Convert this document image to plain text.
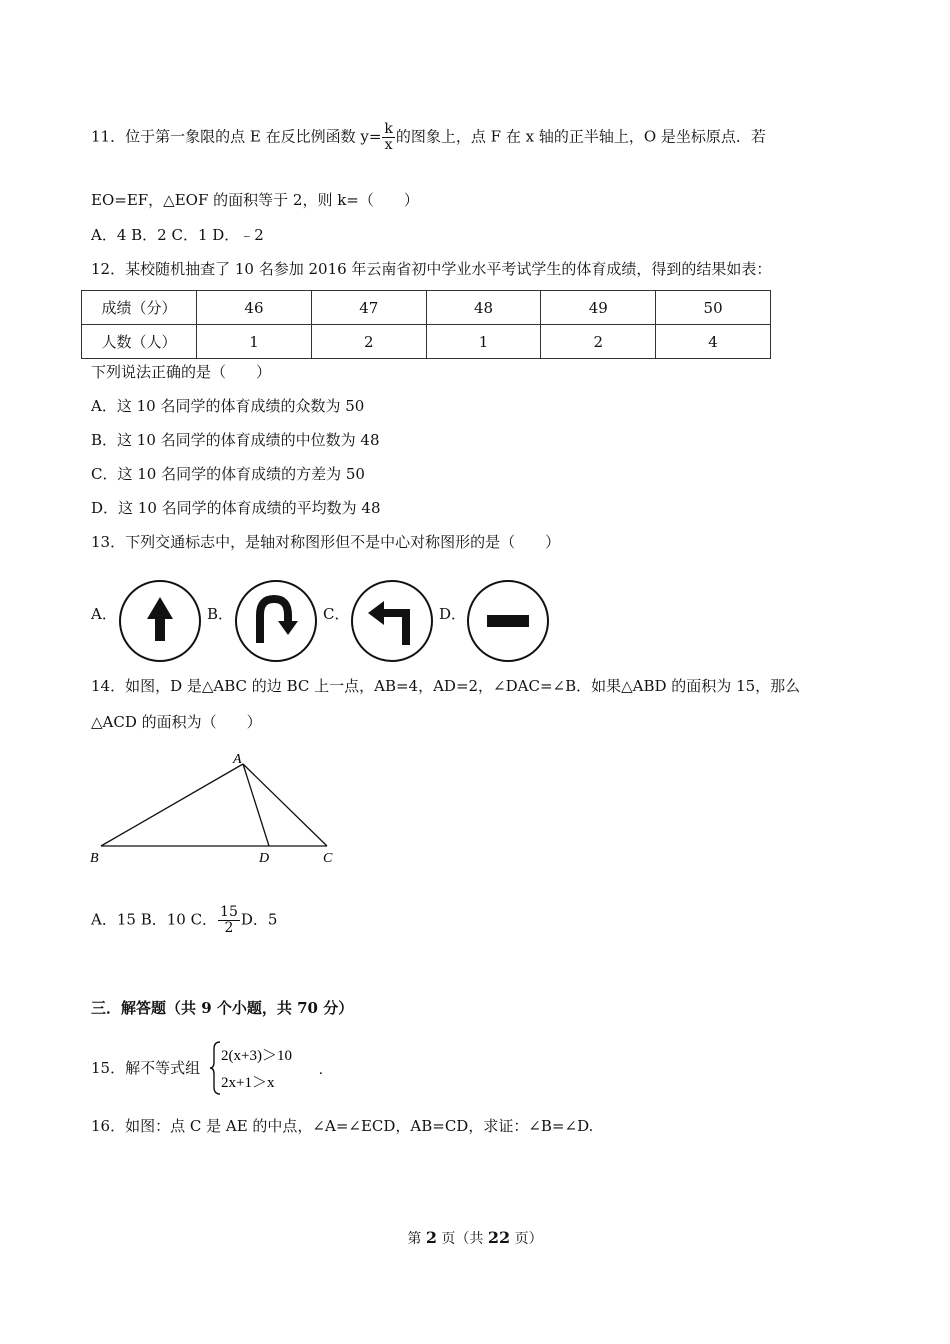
11．位于第一象限的点 E 在反比例函数 $y= \frac{k}{x}$ 的图象上，点 F 在 x 轴的正半轴上，O 是坐标原点．若
EO=EF，△EOF 的面积等于 2，则 k=（　　）
A．4 B．2 C．1 D．﹣2
12．某校随机抽查了 10 名参加 2016 年云南省初中学业水平考试学生的体育成绩，得到的结果如表：
成绩（分）	46	47	48	49	50
人数（人）	1	2	1	2	4
下列说法正确的是（　　）
A．这 10 名同学的体育成绩的众数为 50
B．这 10 名同学的体育成绩的中位数为 48
C．这 10 名同学的体育成绩的方差为 50
D．这 10 名同学的体育成绩的平均数为 48
13．下列交通标志中，是轴对称图形但不是中心对称图形的是（　　）
A．	B．	C．	D．
14．如图，D 是△ABC 的边 BC 上一点，AB=4，AD=2，∠DAC=∠B．如果△ABD 的面积为 15，那么
△ACD 的面积为（　　）
A
B	D	C
A．15 B．10 C． $\frac{15}{2}$ D．5
三．解答题（共 9 个小题，共 70 分）
15．解不等式组
2(x+3)＞10
2x+1＞x
.
16．如图：点 C 是 AE 的中点，∠A=∠ECD，AB=CD，求证：∠B=∠D.
第 2 页（共 22 页）
